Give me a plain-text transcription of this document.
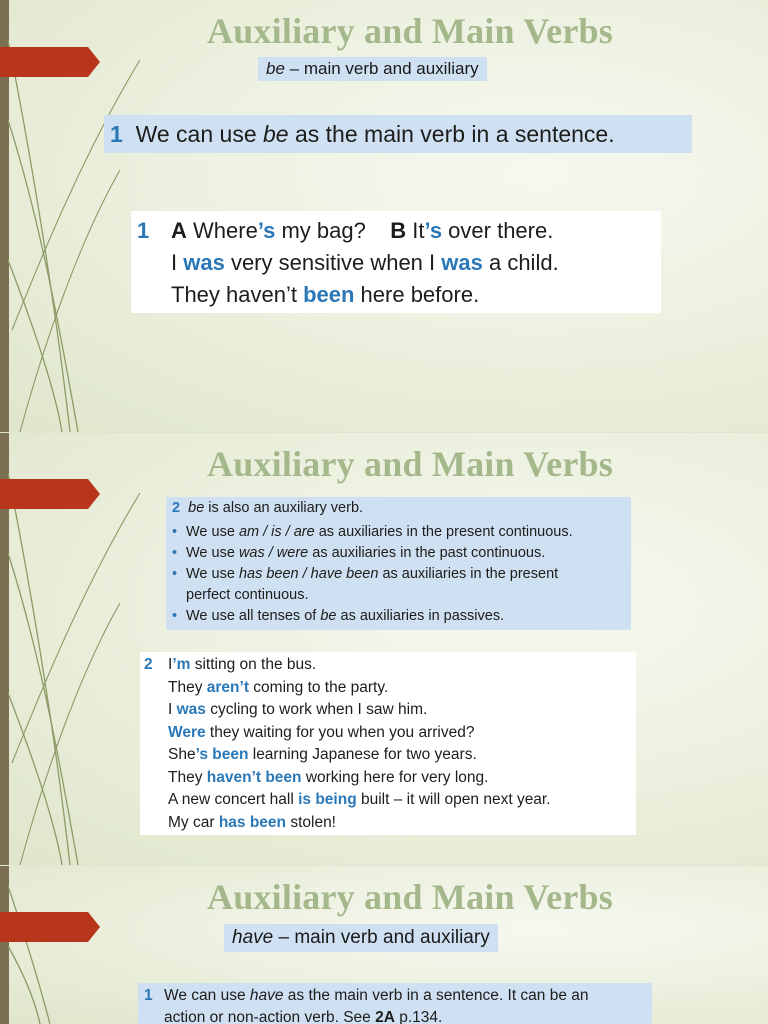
Auxiliary and Main Verbs
be – main verb and auxiliary
1 We can use be as the main verb in a sentence.
1 A Where’s my bag?    B It’s over there.
I was very sensitive when I was a child.
They haven’t been here before.
Auxiliary and Main Verbs
2 be is also an auxiliary verb.
• We use am / is / are as auxiliaries in the present continuous.
• We use was / were as auxiliaries in the past continuous.
• We use has been / have been as auxiliaries in the present
perfect continuous.
• We use all tenses of be as auxiliaries in passives.
2 I’m sitting on the bus.
They aren’t coming to the party.
I was cycling to work when I saw him.
Were they waiting for you when you arrived?
She’s been learning Japanese for two years.
They haven’t been working here for very long.
A new concert hall is being built – it will open next year.
My car has been stolen!
Auxiliary and Main Verbs
have – main verb and auxiliary
1 We can use have as the main verb in a sentence. It can be an
action or non-action verb. See 2A p.134.
